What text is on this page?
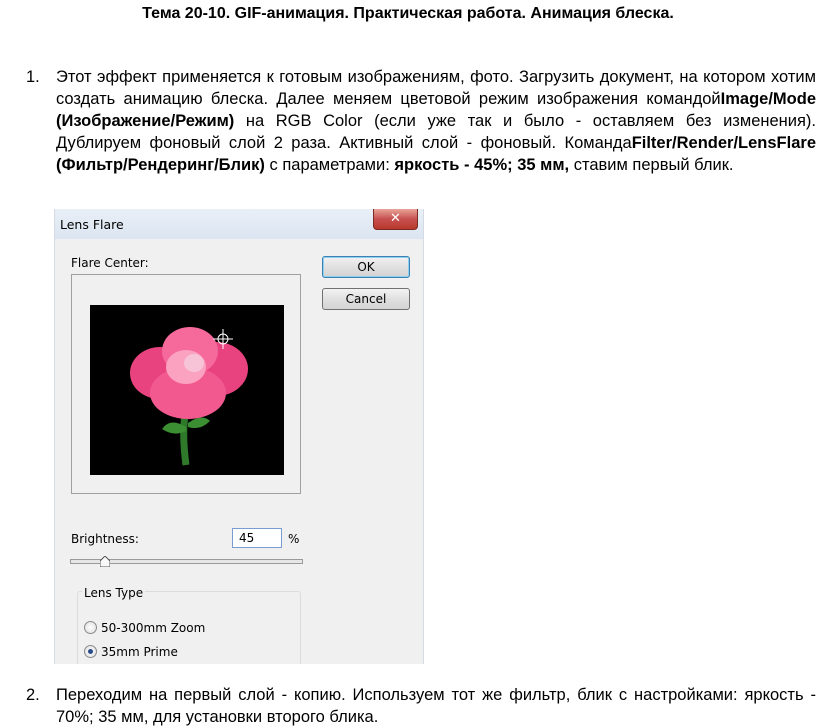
Тема 20-10. GIF-анимация. Практическая работа. Анимация блеска.
1. Этот эффект применяется к готовым изображениям, фото. Загрузить документ, на котором хотим создать анимацию блеска. Далее меняем цветовой режим изображения командойImage/Mode (Изображение/Режим) на RGB Color (если уже так и было - оставляем без изменения). Дублируем фоновый слой 2 раза. Активный слой - фоновый. КомандаFilter/Render/LensFlare (Фильтр/Рендеринг/Блик) с параметрами: яркость - 45%; 35 мм, ставим первый блик.
Lens Flare	✕
Flare Center:	OK
Cancel
Brightness:
45	%
Lens Type
50-300mm Zoom
35mm Prime
2. Переходим на первый слой - копию. Используем тот же фильтр, блик с настройками: яркость - 70%; 35 мм, для установки второго блика.
